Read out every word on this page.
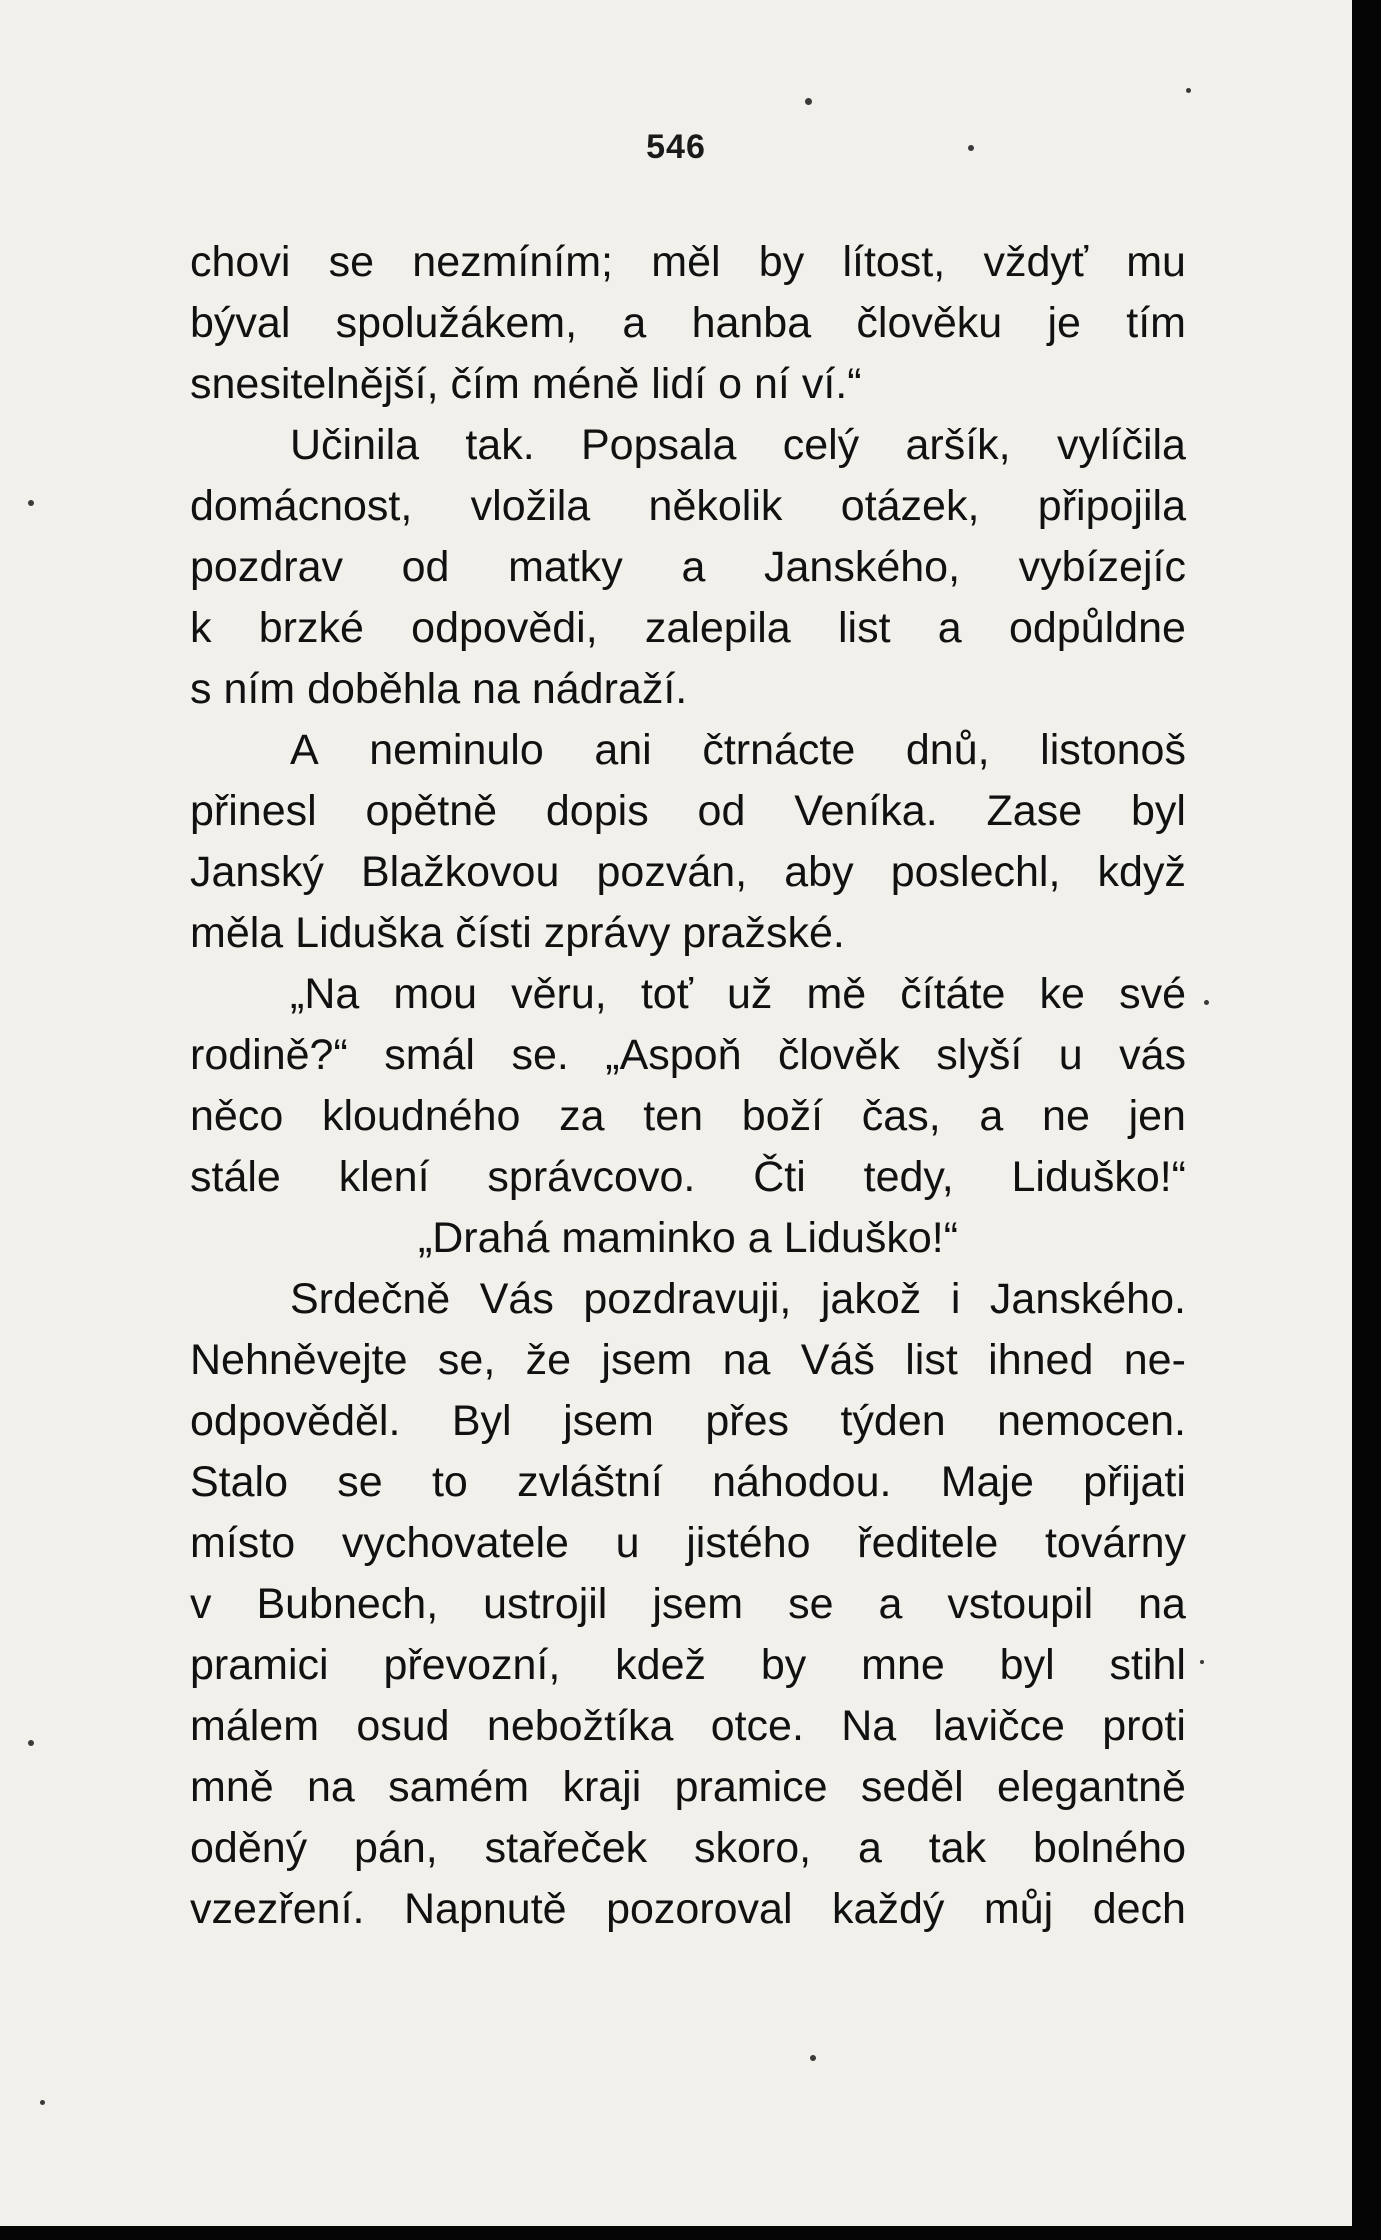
546
chovi se nezmíním; měl by lítost, vždyť mu
býval spolužákem, a hanba člověku je tím
snesitelnější, čím méně lidí o ní ví.“
Učinila tak. Popsala celý aršík, vylíčila
domácnost, vložila několik otázek, připojila
pozdrav od matky a Janského, vybízejíc
k brzké odpovědi, zalepila list a odpůldne
s ním doběhla na nádraží.
A neminulo ani čtrnácte dnů, listonoš
přinesl opětně dopis od Veníka. Zase byl
Janský Blažkovou pozván, aby poslechl, když
měla Liduška čísti zprávy pražské.
„Na mou věru, toť už mě čítáte ke své
rodině?“ smál se. „Aspoň člověk slyší u vás
něco kloudného za ten boží čas, a ne jen
stále klení správcovo. Čti tedy, Liduško!“
„Drahá maminko a Liduško!“
Srdečně Vás pozdravuji, jakož i Janského.
Nehněvejte se, že jsem na Váš list ihned ne-
odpověděl. Byl jsem přes týden nemocen.
Stalo se to zvláštní náhodou. Maje přijati
místo vychovatele u jistého ředitele továrny
v Bubnech, ustrojil jsem se a vstoupil na
pramici převozní, kdež by mne byl stihl
málem osud nebožtíka otce. Na lavičce proti
mně na samém kraji pramice seděl elegantně
oděný pán, stařeček skoro, a tak bolného
vzezření. Napnutě pozoroval každý můj dech
